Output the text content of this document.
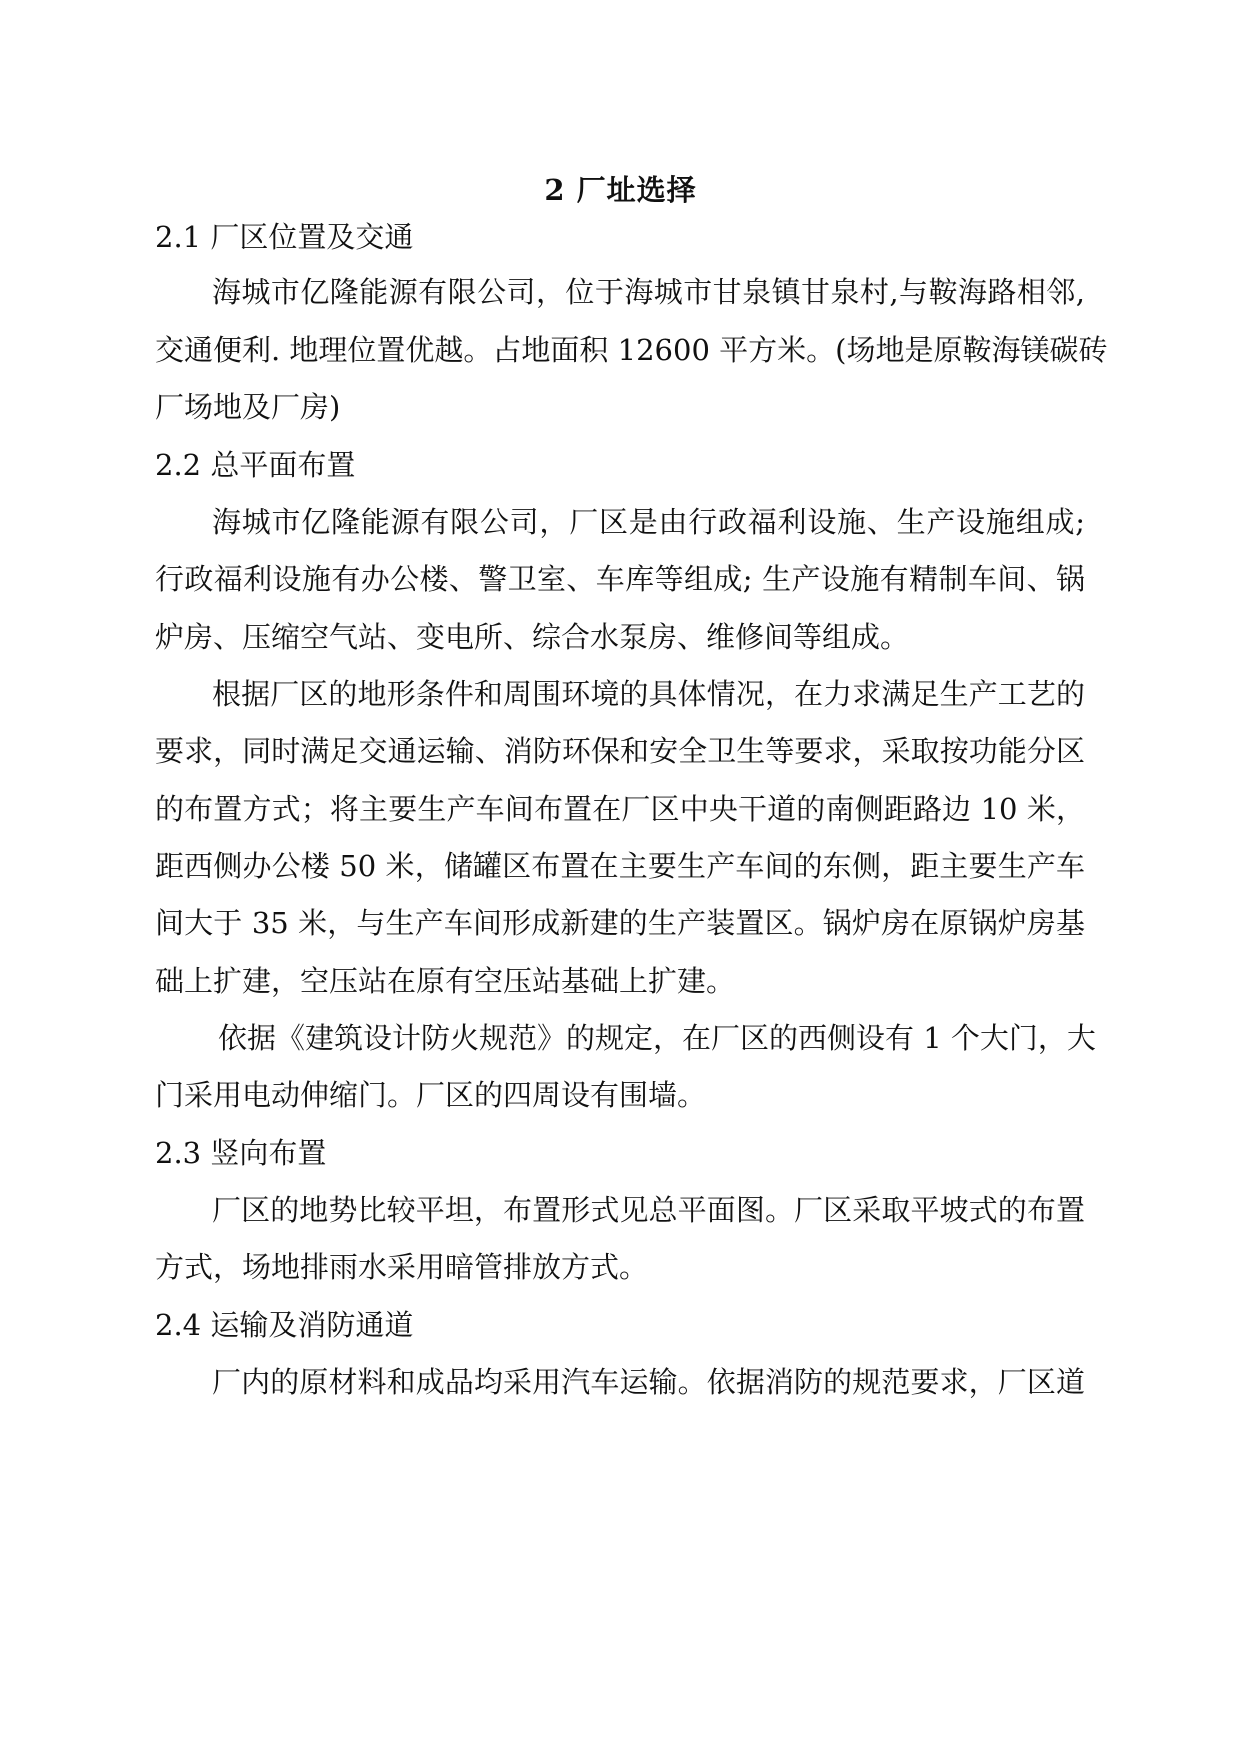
2 厂址选择
2.1 厂区位置及交通
海城市亿隆能源有限公司，位于海城市甘泉镇甘泉村,与鞍海路相邻,
交通便利. 地理位置优越。占地面积 12600 平方米。(场地是原鞍海镁碳砖
厂场地及厂房)
2.2 总平面布置
海城市亿隆能源有限公司，厂区是由行政福利设施、生产设施组成;
行政福利设施有办公楼、警卫室、车库等组成; 生产设施有精制车间、锅
炉房、压缩空气站、变电所、综合水泵房、维修间等组成。
根据厂区的地形条件和周围环境的具体情况，在力求满足生产工艺的
要求，同时满足交通运输、消防环保和安全卫生等要求，采取按功能分区
的布置方式；将主要生产车间布置在厂区中央干道的南侧距路边 10 米，
距西侧办公楼 50 米，储罐区布置在主要生产车间的东侧，距主要生产车
间大于 35 米，与生产车间形成新建的生产装置区。锅炉房在原锅炉房基
础上扩建，空压站在原有空压站基础上扩建。
依据《建筑设计防火规范》的规定，在厂区的西侧设有 1 个大门，大
门采用电动伸缩门。厂区的四周设有围墙。
2.3 竖向布置
厂区的地势比较平坦，布置形式见总平面图。厂区采取平坡式的布置
方式，场地排雨水采用暗管排放方式。
2.4 运输及消防通道
厂内的原材料和成品均采用汽车运输。依据消防的规范要求，厂区道
